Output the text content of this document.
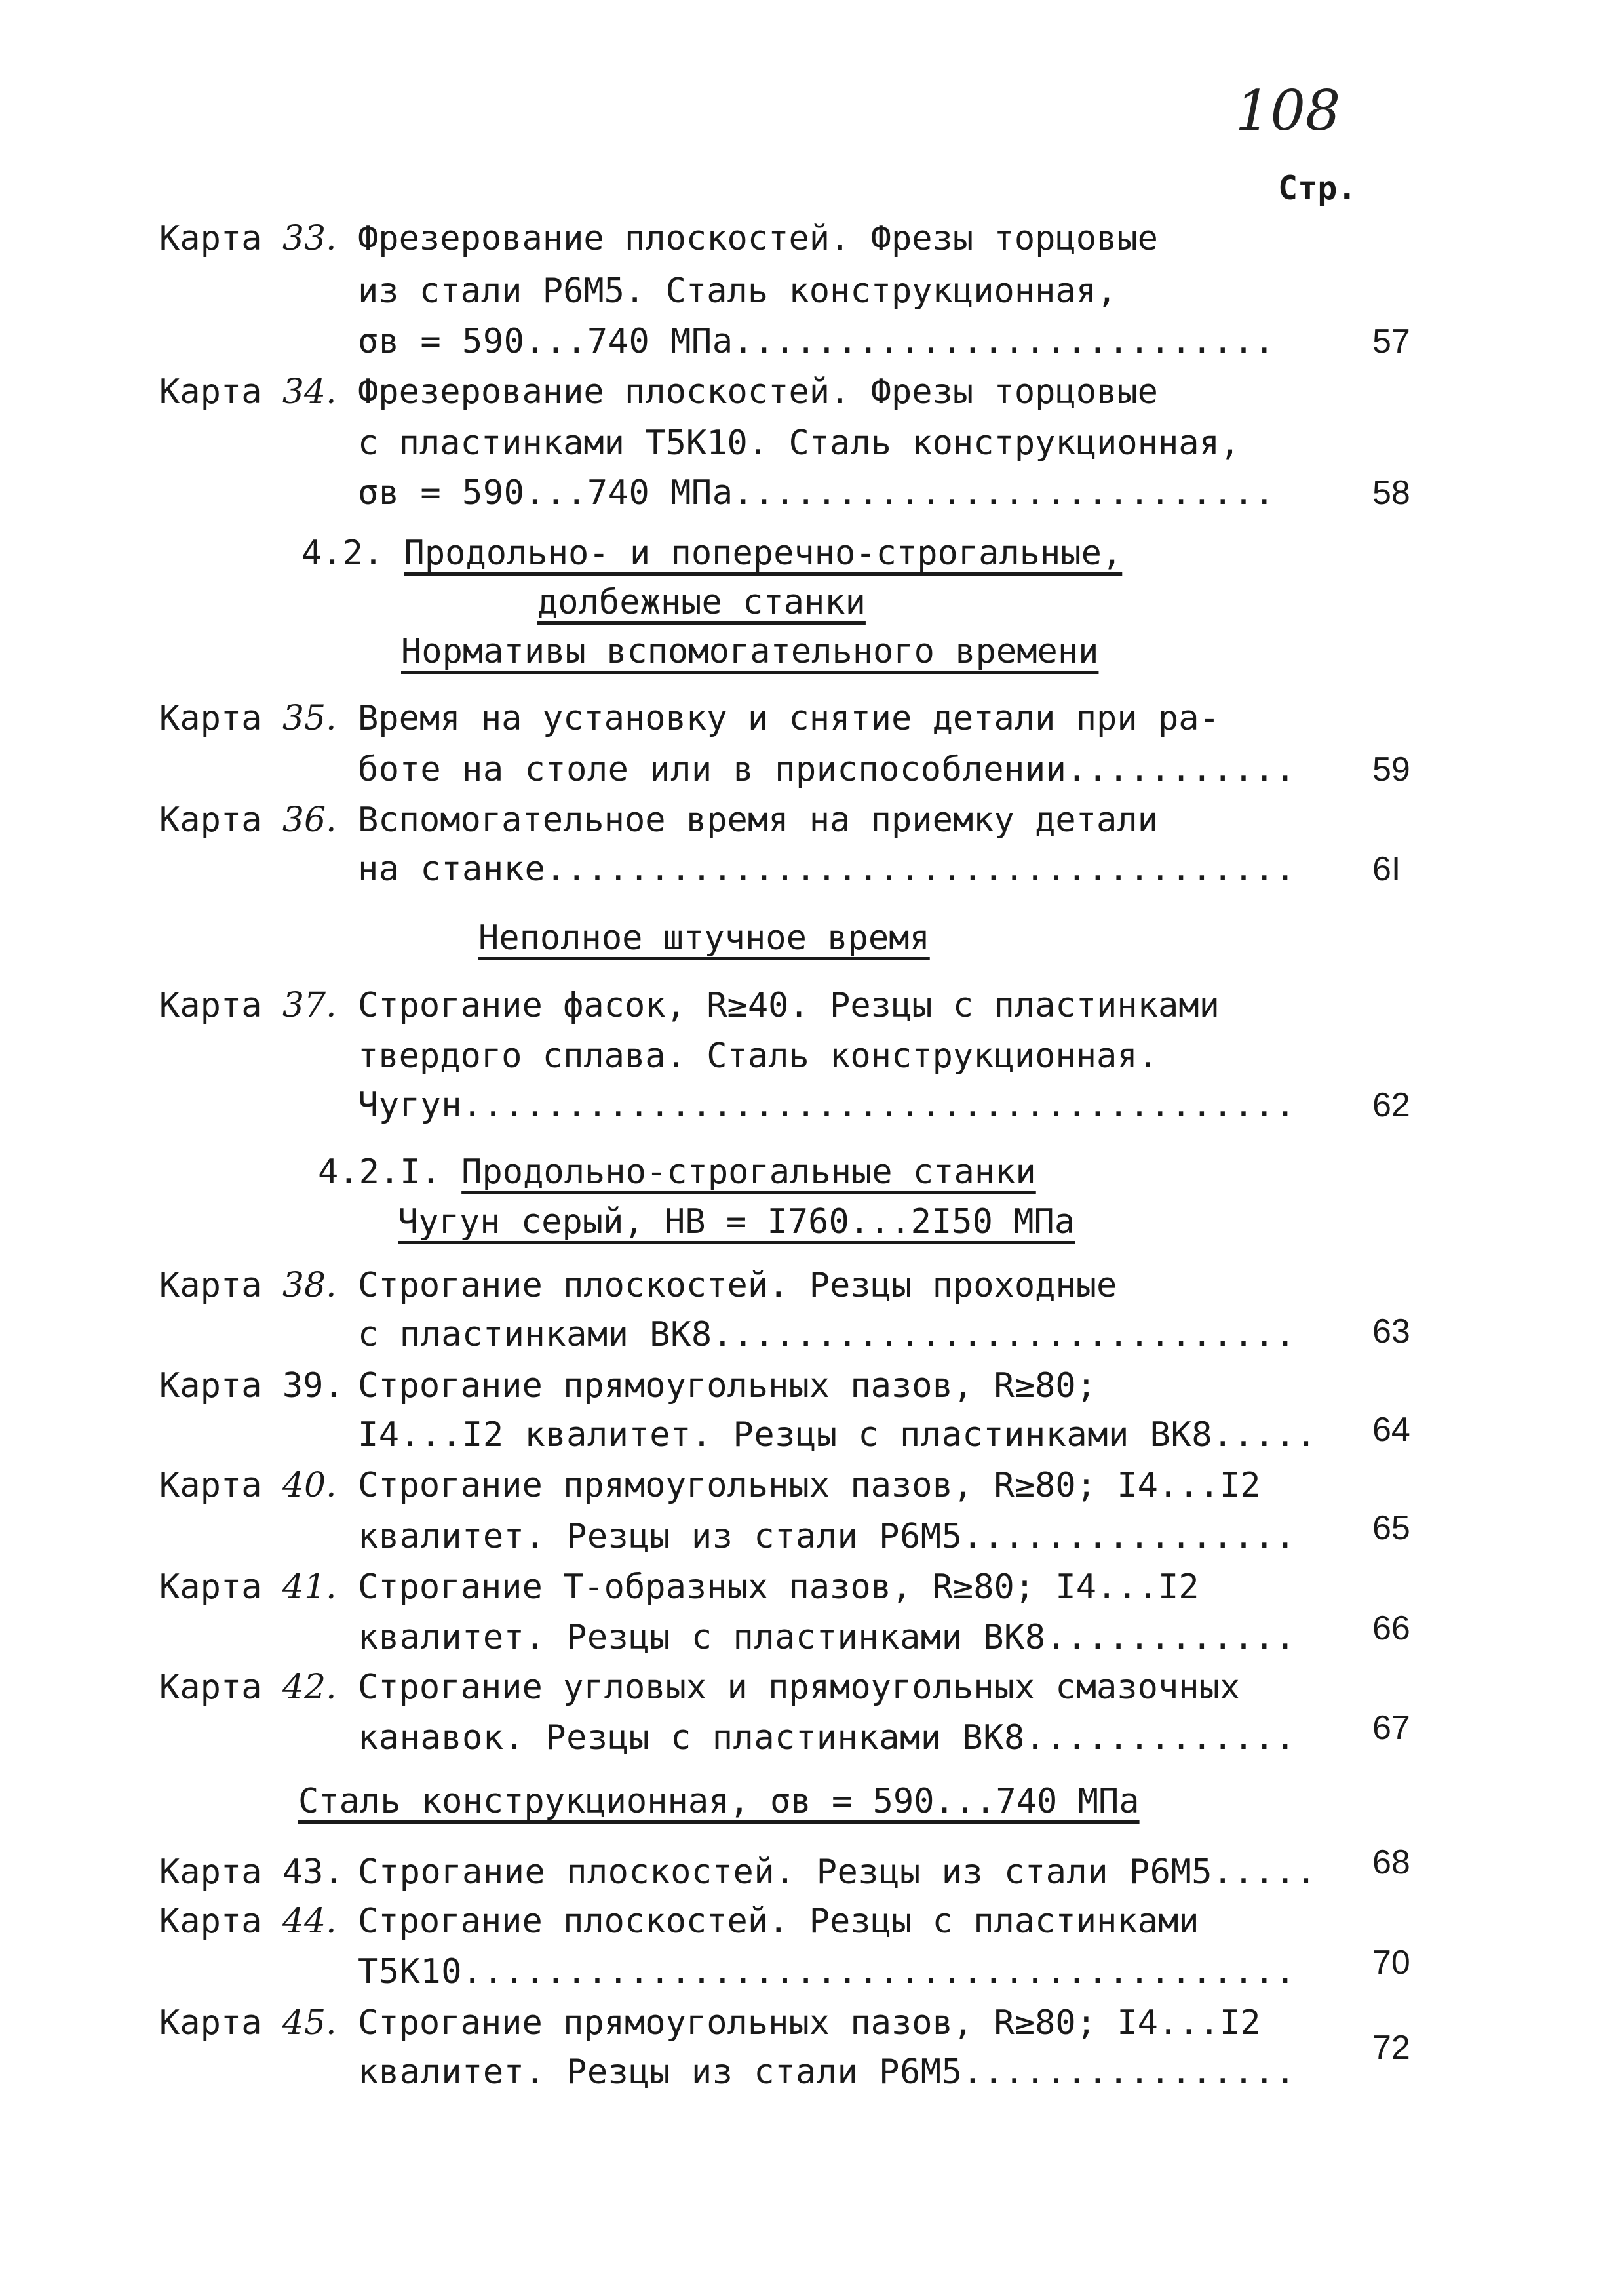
108
Стр.
Карта 33. Фрезерование плоскостей. Фрезы торцовые
из стали Р6М5. Сталь конструкционная,
σв = 590...740 МПа..........................	57
Карта 34. Фрезерование плоскостей. Фрезы торцовые
с пластинками Т5К10. Сталь конструкционная,
σв = 590...740 МПа..........................	58
4.2. Продольно- и поперечно-строгальные,
долбежные станки
Нормативы вспомогательного времени
Карта 35. Время на установку и снятие детали при ра-
боте на столе или в приспособлении........... 59
Карта 36. Вспомогательное время на приемку детали
на станке.................................... 6I
Неполное штучное время
Карта 37. Строгание фасок, R≥40. Резцы с пластинками
твердого сплава. Сталь конструкционная.
Чугун........................................ 62
4.2.I. Продольно-строгальные станки
Чугун серый, НВ = I760...2I50 МПа
Карта 38. Строгание плоскостей. Резцы проходные
с пластинками ВК8............................ 63
Карта 39. Строгание прямоугольных пазов, R≥80;
I4...I2 квалитет. Резцы с пластинками ВК8..... 64
Карта 40. Строгание прямоугольных пазов, R≥80; I4...I2
квалитет. Резцы из стали Р6М5................ 65
Карта 41. Строгание Т-образных пазов, R≥80; I4...I2
квалитет. Резцы с пластинками ВК8............ 66
Карта 42. Строгание угловых и прямоугольных смазочных
канавок. Резцы с пластинками ВК8............. 67
Сталь конструкционная, σв = 590...740 МПа
Карта 43. Строгание плоскостей. Резцы из стали Р6М5..... 68
Карта 44. Строгание плоскостей. Резцы с пластинками
Т5К10........................................ 70
Карта 45. Строгание прямоугольных пазов, R≥80; I4...I2
квалитет. Резцы из стали Р6М5................
72
